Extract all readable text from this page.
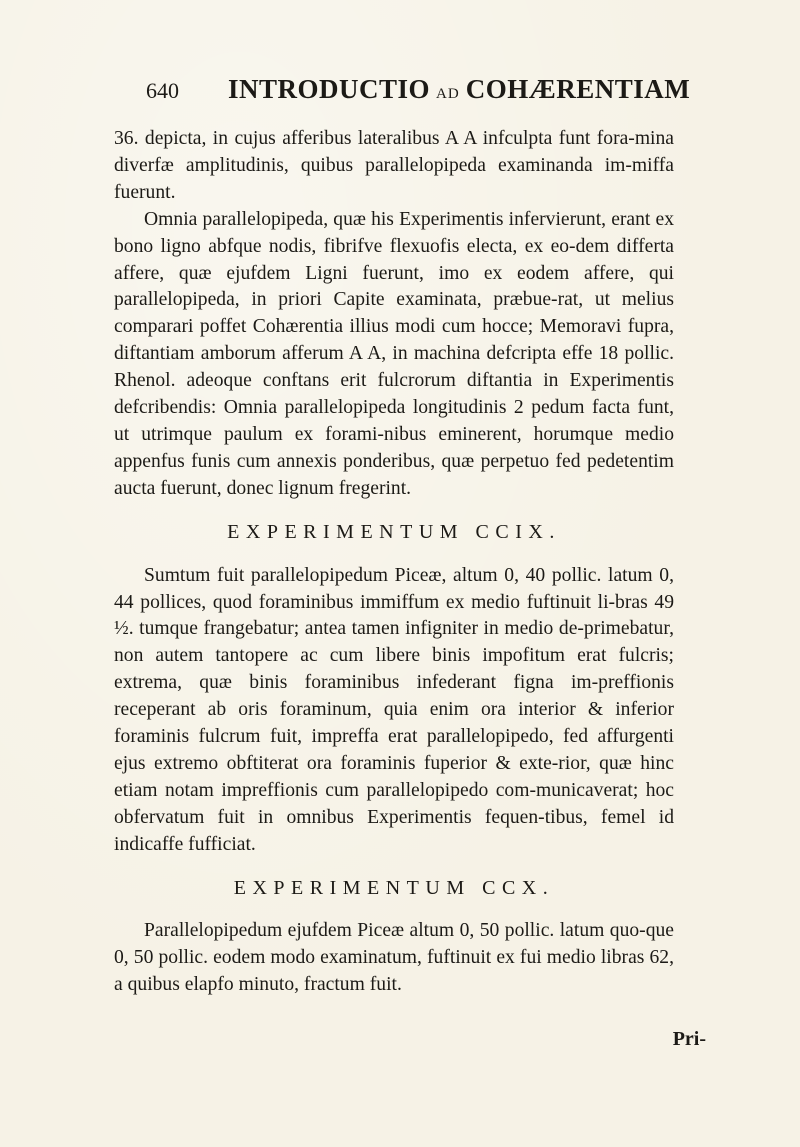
640 INTRODUCTIO AD COHÆRENTIAM

36. depicta, in cujus afferibus lateralibus A A infculpta funt fora-mina diverfæ amplitudinis, quibus parallelopipeda examinanda im-miffa fuerunt.

Omnia parallelopipeda, quæ his Experimentis infervierunt, erant ex bono ligno abfque nodis, fibrifve flexuofis electa, ex eo-dem differta affere, quæ ejufdem Ligni fuerunt, imo ex eodem affere, qui parallelopipeda, in priori Capite examinata, præbue-rat, ut melius comparari poffet Cohærentia illius modi cum hocce; Memoravi fupra, diftantiam amborum afferum A A, in machina defcripta effe 18 pollic. Rhenol. adeoque conftans erit fulcrorum diftantia in Experimentis defcribendis: Omnia parallelopipeda longitudinis 2 pedum facta funt, ut utrimque paulum ex forami-nibus eminerent, horumque medio appenfus funis cum annexis ponderibus, quæ perpetuo fed pedetentim aucta fuerunt, donec lignum fregerint.

EXPERIMENTUM CCIX.

Sumtum fuit parallelopipedum Piceæ, altum 0, 40 pollic. latum 0, 44 pollices, quod foraminibus immiffum ex medio fuftinuit li-bras 49 ½. tumque frangebatur; antea tamen infigniter in medio de-primebatur, non autem tantopere ac cum libere binis impofitum erat fulcris; extrema, quæ binis foraminibus infederant figna im-preffionis receperant ab oris foraminum, quia enim ora interior & inferior foraminis fulcrum fuit, impreffa erat parallelopipedo, fed affurgenti ejus extremo obftiterat ora foraminis fuperior & exte-rior, quæ hinc etiam notam impreffionis cum parallelopipedo com-municaverat; hoc obfervatum fuit in omnibus Experimentis fequen-tibus, femel id indicaffe fufficiat.

EXPERIMENTUM CCX.

Parallelopipedum ejufdem Piceæ altum 0, 50 pollic. latum quo-que 0, 50 pollic. eodem modo examinatum, fuftinuit ex fui medio libras 62, a quibus elapfo minuto, fractum fuit.

Pri-
